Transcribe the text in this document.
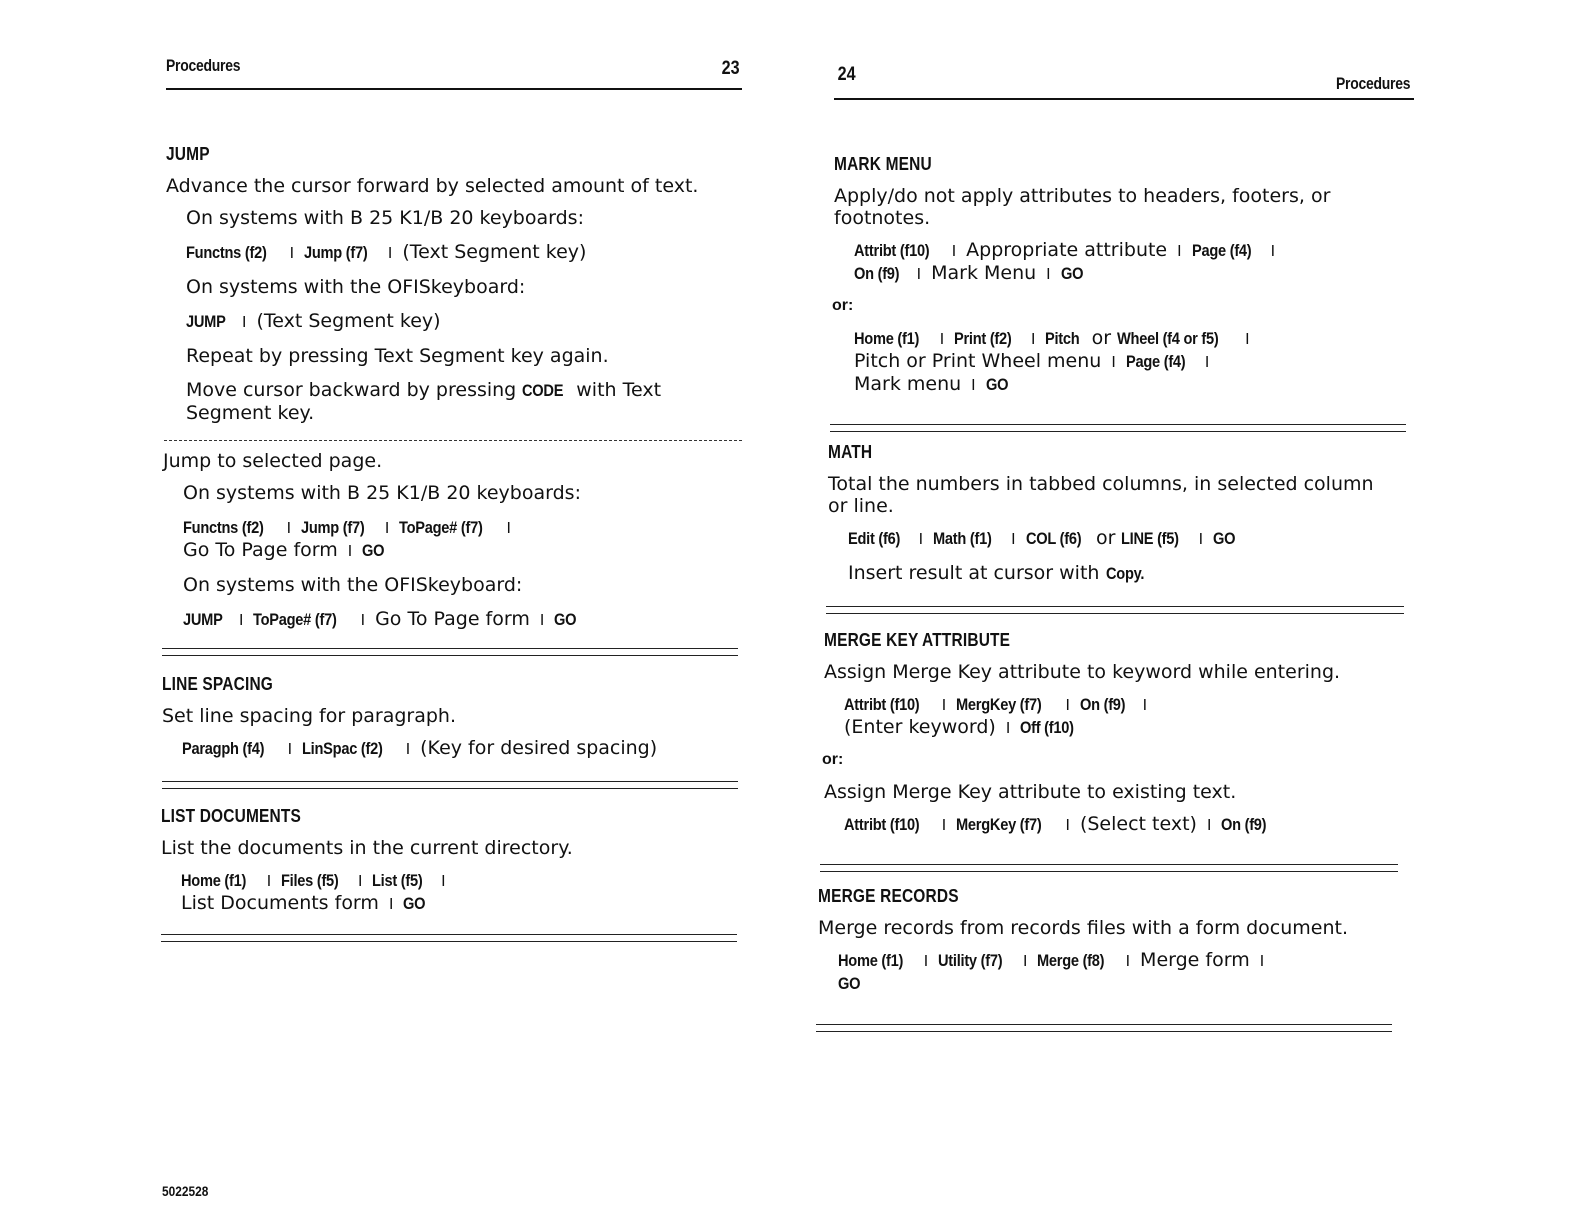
Procedures	23
JUMP
Advance the cursor forward by selected amount of text.
On systems with B 25 K1/B 20 keyboards:
Functns (f2) I Jump (f7) I (Text Segment key)
On systems with the OFISkeyboard:
JUMP I (Text Segment key)
Repeat by pressing Text Segment key again.
Move cursor backward by pressing CODE with Text Segment key.
Jump to selected page.
On systems with B 25 K1/B 20 keyboards:
Functns (f2) I Jump (f7) I ToPage# (f7) I
Go To Page form I GO
On systems with the OFISkeyboard:
JUMP I ToPage# (f7) I Go To Page form I GO
LINE SPACING
Set line spacing for paragraph.
Paragph (f4) I LinSpac (f2) I (Key for desired spacing)
LIST DOCUMENTS
List the documents in the current directory.
Home (f1) I Files (f5) I List (f5) I
List Documents form I GO
24	Procedures
MARK MENU
Apply/do not apply attributes to headers, footers, or footnotes.
Attribt (f10) I Appropriate attribute I Page (f4) I
On (f9) I Mark Menu I GO
or:
Home (f1) I Print (f2) I Pitch or Wheel (f4 or f5) I
Pitch or Print Wheel menu I Page (f4) I
Mark menu I GO
MATH
Total the numbers in tabbed columns, in selected column or line.
Edit (f6) I Math (f1) I COL (f6) or LINE (f5) I GO
Insert result at cursor with Copy.
MERGE KEY ATTRIBUTE
Assign Merge Key attribute to keyword while entering.
Attribt (f10) I MergKey (f7) I On (f9) I
(Enter keyword) I Off (f10)
or:
Assign Merge Key attribute to existing text.
Attribt (f10) I MergKey (f7) I (Select text) I On (f9)
MERGE RECORDS
Merge records from records files with a form document.
Home (f1) I Utility (f7) I Merge (f8) I Merge form I
GO
5022528
